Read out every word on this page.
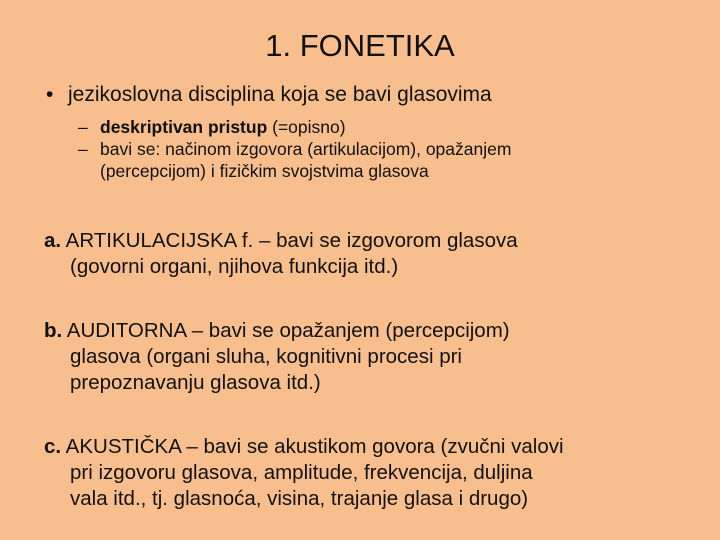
1. FONETIKA
• jezikoslovna disciplina koja se bavi glasovima
– deskriptivan pristup (=opisno)
– bavi se: načinom izgovora (artikulacijom), opažanjem
(percepcijom) i fizičkim svojstvima glasova
a. ARTIKULACIJSKA f. – bavi se izgovorom glasova
(govorni organi, njihova funkcija itd.)
b. AUDITORNA – bavi se opažanjem (percepcijom)
glasova (organi sluha, kognitivni procesi pri
prepoznavanju glasova itd.)
c. AKUSTIČKA – bavi se akustikom govora (zvučni valovi
pri izgovoru glasova, amplitude, frekvencija, duljina
vala itd., tj. glasnoća, visina, trajanje glasa i drugo)
